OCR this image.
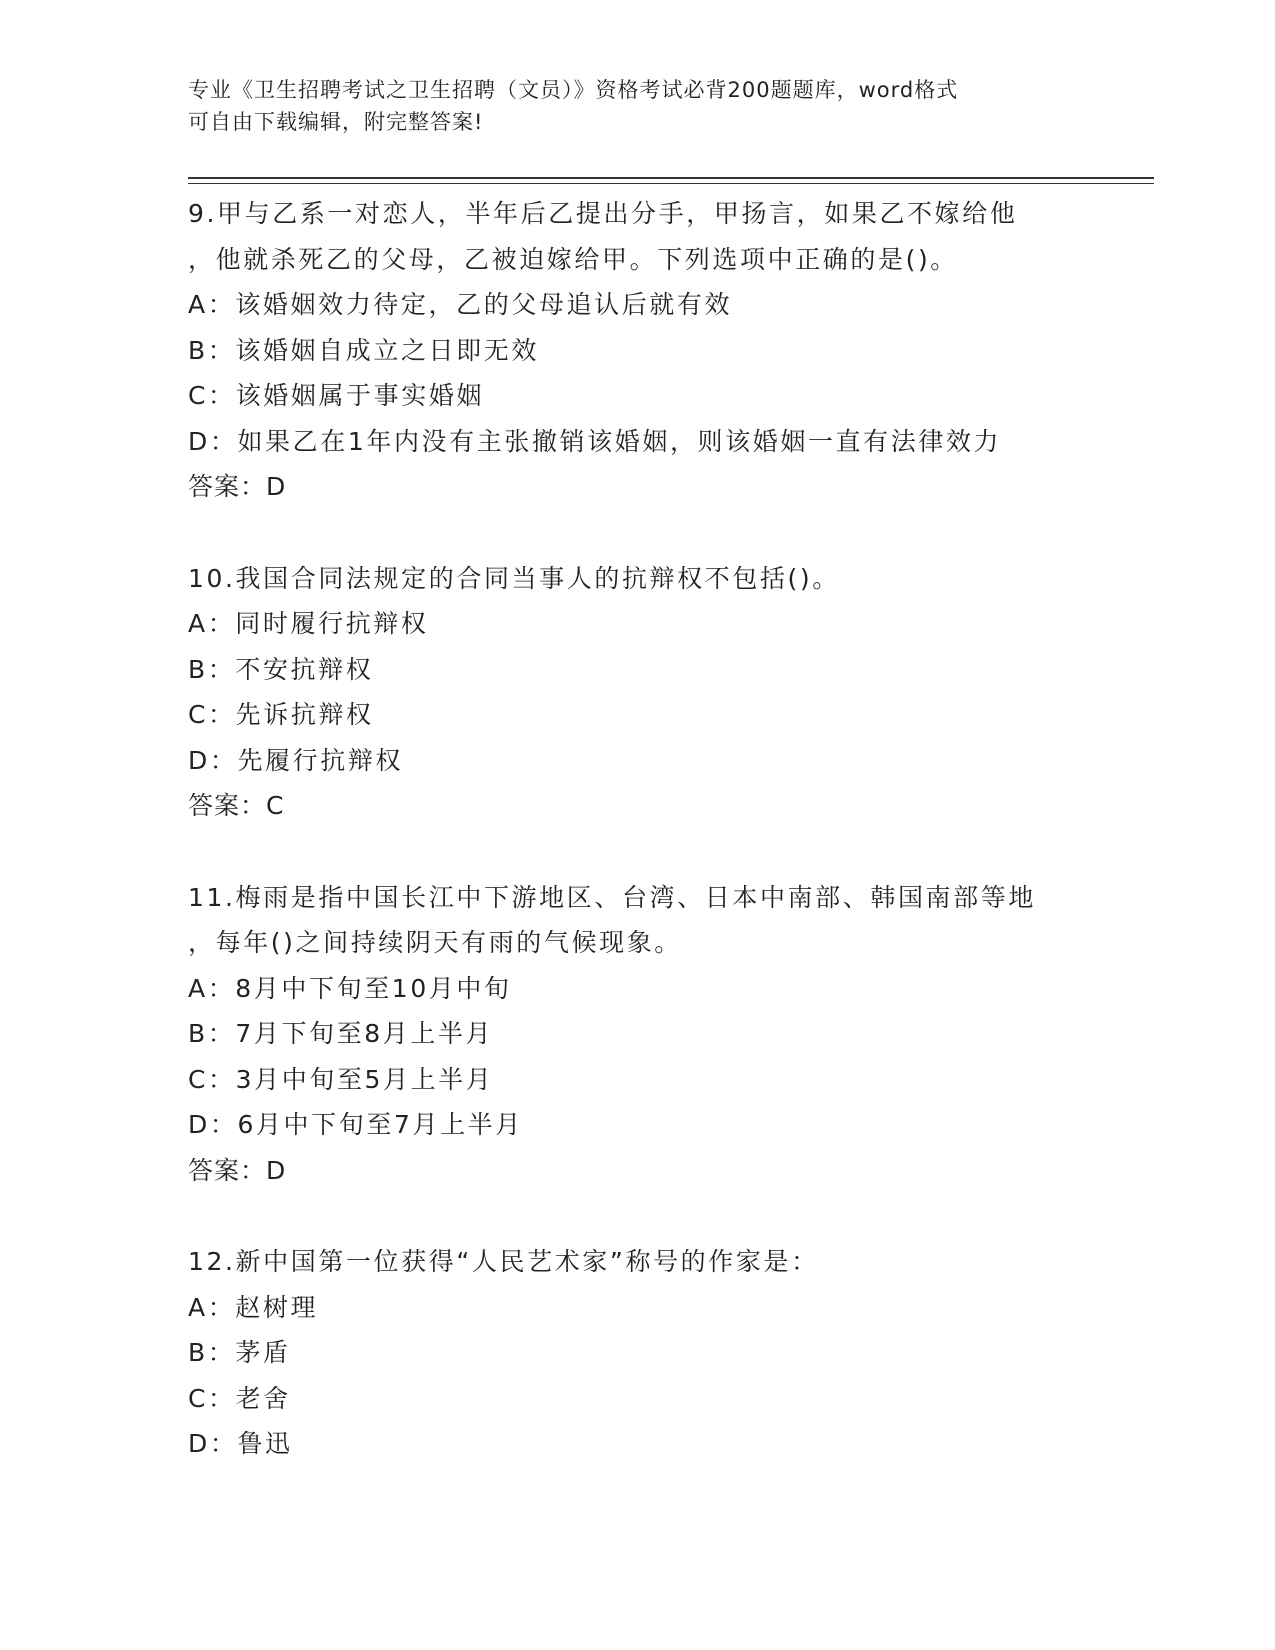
专业《卫生招聘考试之卫生招聘（文员）》资格考试必背200题题库，word格式
可自由下载编辑，附完整答案!
9.甲与乙系一对恋人，半年后乙提出分手，甲扬言，如果乙不嫁给他
，他就杀死乙的父母，乙被迫嫁给甲。下列选项中正确的是()。
A：该婚姻效力待定，乙的父母追认后就有效
B：该婚姻自成立之日即无效
C：该婚姻属于事实婚姻
D：如果乙在1年内没有主张撤销该婚姻，则该婚姻一直有法律效力
答案：D
10.我国合同法规定的合同当事人的抗辩权不包括()。
A：同时履行抗辩权
B：不安抗辩权
C：先诉抗辩权
D：先履行抗辩权
答案：C
11.梅雨是指中国长江中下游地区、台湾、日本中南部、韩国南部等地
，每年()之间持续阴天有雨的气候现象。
A：8月中下旬至10月中旬
B：7月下旬至8月上半月
C：3月中旬至5月上半月
D：6月中下旬至7月上半月
答案：D
12.新中国第一位获得“人民艺术家”称号的作家是：
A：赵树理
B：茅盾
C：老舍
D：鲁迅
